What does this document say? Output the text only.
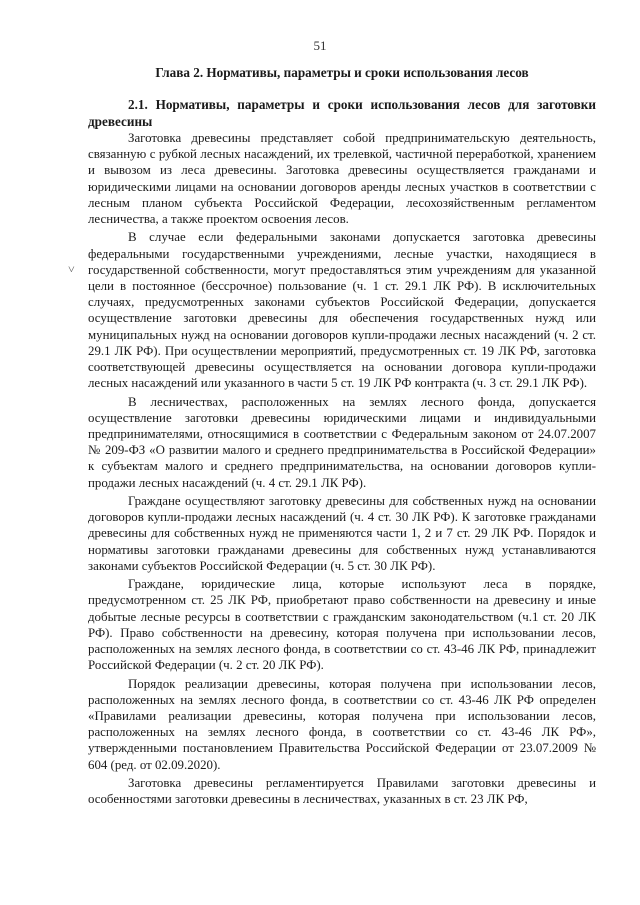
51
˅
Глава 2. Нормативы, параметры и сроки использования лесов

2.1. Нормативы, параметры и сроки использования лесов для заготовки древесины

Заготовка древесины представляет собой предпринимательскую деятельность, связанную с рубкой лесных насаждений, их трелевкой, частичной переработкой, хранением и вывозом из леса древесины. Заготовка древесины осуществляется гражданами и юридическими лицами на основании договоров аренды лесных участков в соответствии с лесным планом субъекта Российской Федерации, лесохозяйственным регламентом лесничества, а также проектом освоения лесов.

В случае если федеральными законами допускается заготовка древесины федеральными государственными учреждениями, лесные участки, находящиеся в государственной собственности, могут предоставляться этим учреждениям для указанной цели в постоянное (бессрочное) пользование (ч. 1 ст. 29.1 ЛК РФ). В исключительных случаях, предусмотренных законами субъектов Российской Федерации, допускается осуществление заготовки древесины для обеспечения государственных нужд или муниципальных нужд на основании договоров купли-продажи лесных насаждений (ч. 2 ст. 29.1 ЛК РФ). При осуществлении мероприятий, предусмотренных ст. 19 ЛК РФ, заготовка соответствующей древесины осуществляется на основании договора купли-продажи лесных насаждений или указанного в части 5 ст. 19 ЛК РФ контракта (ч. 3 ст. 29.1 ЛК РФ).

В лесничествах, расположенных на землях лесного фонда, допускается осуществление заготовки древесины юридическими лицами и индивидуальными предпринимателями, относящимися в соответствии с Федеральным законом от 24.07.2007 № 209-ФЗ «О развитии малого и среднего предпринимательства в Российской Федерации» к субъектам малого и среднего предпринимательства, на основании договоров купли-продажи лесных насаждений (ч. 4 ст. 29.1 ЛК РФ).

Граждане осуществляют заготовку древесины для собственных нужд на основании договоров купли-продажи лесных насаждений (ч. 4 ст. 30 ЛК РФ). К заготовке гражданами древесины для собственных нужд не применяются части 1, 2 и 7 ст. 29 ЛК РФ. Порядок и нормативы заготовки гражданами древесины для собственных нужд устанавливаются законами субъектов Российской Федерации (ч. 5 ст. 30 ЛК РФ).

Граждане, юридические лица, которые используют леса в порядке, предусмотренном ст. 25 ЛК РФ, приобретают право собственности на древесину и иные добытые лесные ресурсы в соответствии с гражданским законодательством (ч.1 ст. 20 ЛК РФ). Право собственности на древесину, которая получена при использовании лесов, расположенных на землях лесного фонда, в соответствии со ст. 43-46 ЛК РФ, принадлежит Российской Федерации (ч. 2 ст. 20 ЛК РФ).

Порядок реализации древесины, которая получена при использовании лесов, расположенных на землях лесного фонда, в соответствии со ст. 43-46 ЛК РФ определен «Правилами реализации древесины, которая получена при использовании лесов, расположенных на землях лесного фонда, в соответствии со ст. 43-46 ЛК РФ», утвержденными постановлением Правительства Российской Федерации от 23.07.2009 № 604 (ред. от 02.09.2020).

Заготовка древесины регламентируется Правилами заготовки древесины и особенностями заготовки древесины в лесничествах, указанных в ст. 23 ЛК РФ,
